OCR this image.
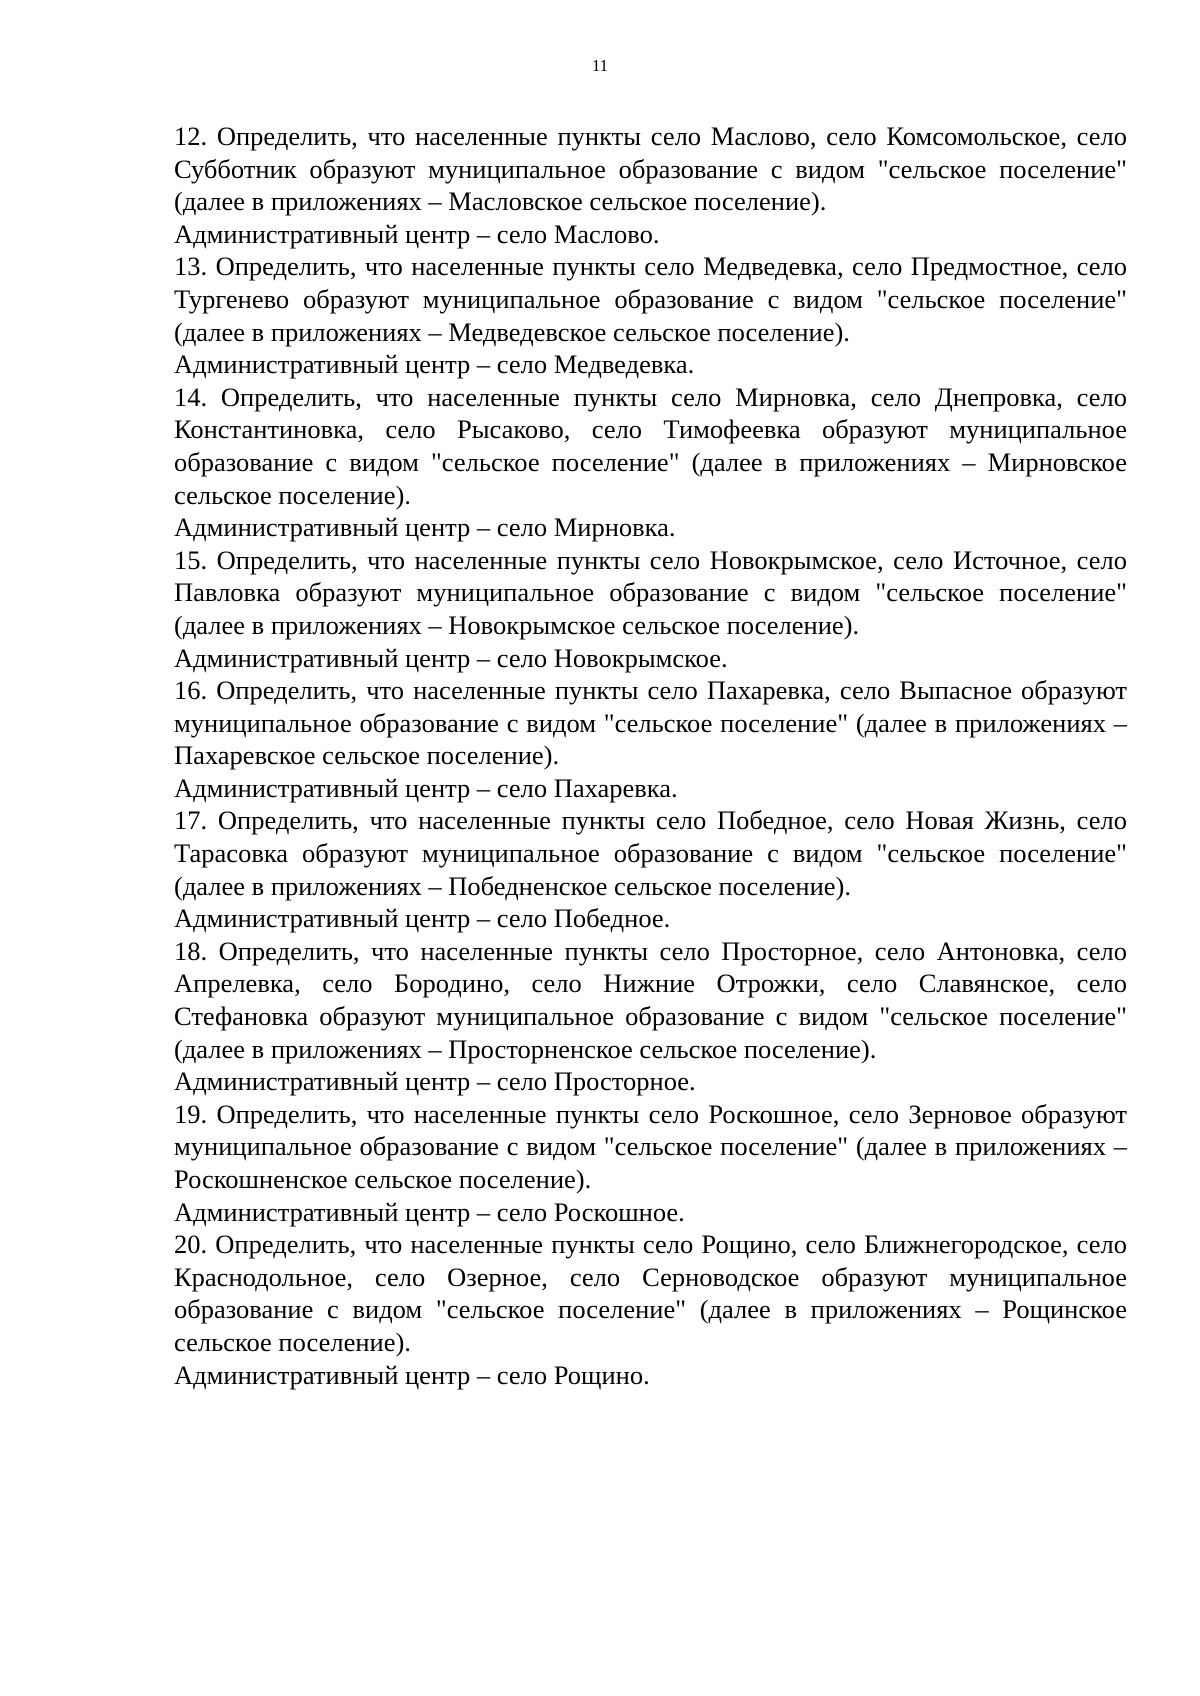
11

12. Определить, что населенные пункты село Маслово, село Комсомольское, село Субботник образуют муниципальное образование с видом "сельское поселение" (далее в приложениях – Масловское сельское поселение).

Административный центр – село Маслово.

13. Определить, что населенные пункты село Медведевка, село Предмостное, село Тургенево образуют муниципальное образование с видом "сельское поселение" (далее в приложениях – Медведевское сельское поселение).

Административный центр – село Медведевка.

14. Определить, что населенные пункты село Мирновка, село Днепровка, село Константиновка, село Рысаково, село Тимофеевка образуют муниципальное образование с видом "сельское поселение" (далее в приложениях – Мирновское сельское поселение).

Административный центр – село Мирновка.

15. Определить, что населенные пункты село Новокрымское, село Источное, село Павловка образуют муниципальное образование с видом "сельское поселение" (далее в приложениях – Новокрымское сельское поселение).

Административный центр – село Новокрымское.

16. Определить, что населенные пункты село Пахаревка, село Выпасное образуют муниципальное образование с видом "сельское поселение" (далее в приложениях – Пахаревское сельское поселение).

Административный центр – село Пахаревка.

17. Определить, что населенные пункты село Победное, село Новая Жизнь, село Тарасовка образуют муниципальное образование с видом "сельское поселение" (далее в приложениях – Победненское сельское поселение).

Административный центр – село Победное.

18. Определить, что населенные пункты село Просторное, село Антоновка, село Апрелевка, село Бородино, село Нижние Отрожки, село Славянское, село Стефановка образуют муниципальное образование с видом "сельское поселение" (далее в приложениях – Просторненское сельское поселение).

Административный центр – село Просторное.

19. Определить, что населенные пункты село Роскошное, село Зерновое образуют муниципальное образование с видом "сельское поселение" (далее в приложениях – Роскошненское сельское поселение).

Административный центр – село Роскошное.

20. Определить, что населенные пункты село Рощино, село Ближнегородское, село Краснодольное, село Озерное, село Серноводское образуют муниципальное образование с видом "сельское поселение" (далее в приложениях – Рощинское сельское поселение).

Административный центр – село Рощино.
